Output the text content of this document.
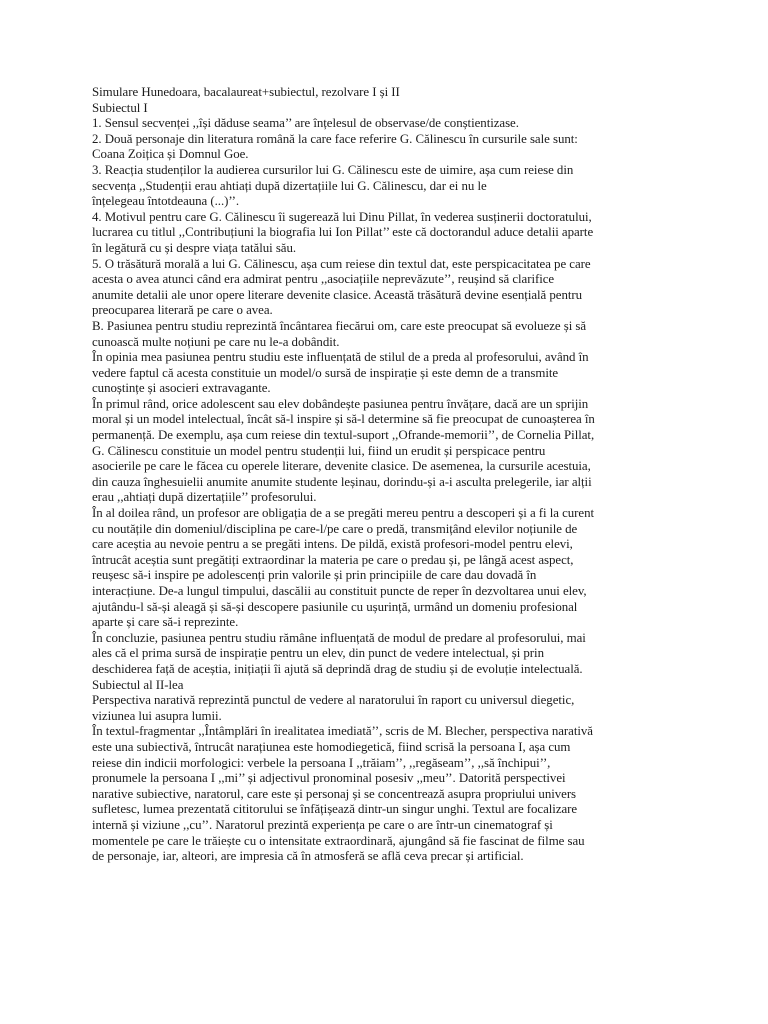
Simulare Hunedoara, bacalaureat+subiectul, rezolvare I și II
Subiectul I
1. Sensul secvenței ,,își dăduse seama’’ are înțelesul de observase/de conștientizase.
2. Două personaje din literatura română la care face referire G. Călinescu în cursurile sale sunt:
Coana Zoițica și Domnul Goe.
3. Reacția studenților la audierea cursurilor lui G. Călinescu este de uimire, așa cum reiese din
secvența ,,Studenții erau ahtiați după dizertațiile lui G. Călinescu, dar ei nu le
înțelegeau întotdeauna (...)’’.
4. Motivul pentru care G. Călinescu îi sugerează lui Dinu Pillat, în vederea susținerii doctoratului,
lucrarea cu titlul ,,Contribuțiuni la biografia lui Ion Pillat’’ este că doctorandul aduce detalii aparte
în legătură cu și despre viața tatălui său.
5. O trăsătură morală a lui G. Călinescu, așa cum reiese din textul dat, este perspicacitatea pe care
acesta o avea atunci când era admirat pentru ,,asociațiile neprevăzute’’, reușind să clarifice
anumite detalii ale unor opere literare devenite clasice. Această trăsătură devine esențială pentru
preocuparea literară pe care o avea.
B. Pasiunea pentru studiu reprezintă încântarea fiecărui om, care este preocupat să evolueze și să
cunoască multe noțiuni pe care nu le-a dobândit.
În opinia mea pasiunea pentru studiu este influențată de stilul de a preda al profesorului, având în
vedere faptul că acesta constituie un model/o sursă de inspirație și este demn de a transmite
cunoștințe și asocieri extravagante.
În primul rând, orice adolescent sau elev dobândește pasiunea pentru învățare, dacă are un sprijin
moral și un model intelectual, încât să-l inspire și să-l determine să fie preocupat de cunoașterea în
permanență. De exemplu, așa cum reiese din textul-suport ,,Ofrande-memorii’’, de Cornelia Pillat,
G. Călinescu constituie un model pentru studenții lui, fiind un erudit și perspicace pentru
asocierile pe care le făcea cu operele literare, devenite clasice. De asemenea, la cursurile acestuia,
din cauza înghesuielii anumite anumite studente leșinau, dorindu-și a-i asculta prelegerile, iar alții
erau ,,ahtiați după dizertațiile’’ profesorului.
În al doilea rând, un profesor are obligația de a se pregăti mereu pentru a descoperi și a fi la curent
cu noutățile din domeniul/disciplina pe care-l/pe care o predă, transmițând elevilor noțiunile de
care aceștia au nevoie pentru a se pregăti intens. De pildă, există profesori-model pentru elevi,
întrucât aceștia sunt pregătiți extraordinar la materia pe care o predau și, pe lângă acest aspect,
reușesc să-i inspire pe adolescenți prin valorile și prin principiile de care dau dovadă în
interacțiune. De-a lungul timpului, dascălii au constituit puncte de reper în dezvoltarea unui elev,
ajutându-l să-și aleagă și să-și descopere pasiunile cu ușurință, urmând un domeniu profesional
aparte și care să-i reprezinte.
În concluzie, pasiunea pentru studiu rămâne influențată de modul de predare al profesorului, mai
ales că el prima sursă de inspirație pentru un elev, din punct de vedere intelectual, și prin
deschiderea față de aceștia, inițiații îi ajută să deprindă drag de studiu și de evoluție intelectuală.
Subiectul al II-lea
Perspectiva narativă reprezintă punctul de vedere al naratorului în raport cu universul diegetic,
viziunea lui asupra lumii.
În textul-fragmentar ,,Întâmplări în irealitatea imediată’’, scris de M. Blecher, perspectiva narativă
este una subiectivă, întrucât narațiunea este homodiegetică, fiind scrisă la persoana I, așa cum
reiese din indicii morfologici: verbele la persoana I ,,trăiam’’, ,,regăseam’’, ,,să închipui’’,
pronumele la persoana I ,,mi’’ și adjectivul pronominal posesiv ,,meu’’. Datorită perspectivei
narative subiective, naratorul, care este și personaj și se concentrează asupra propriului univers
sufletesc, lumea prezentată cititorului se înfățișează dintr-un singur unghi. Textul are focalizare
internă și viziune ,,cu’’. Naratorul prezintă experiența pe care o are într-un cinematograf și
momentele pe care le trăiește cu o intensitate extraordinară, ajungând să fie fascinat de filme sau
de personaje, iar, alteori, are impresia că în atmosferă se află ceva precar și artificial.
